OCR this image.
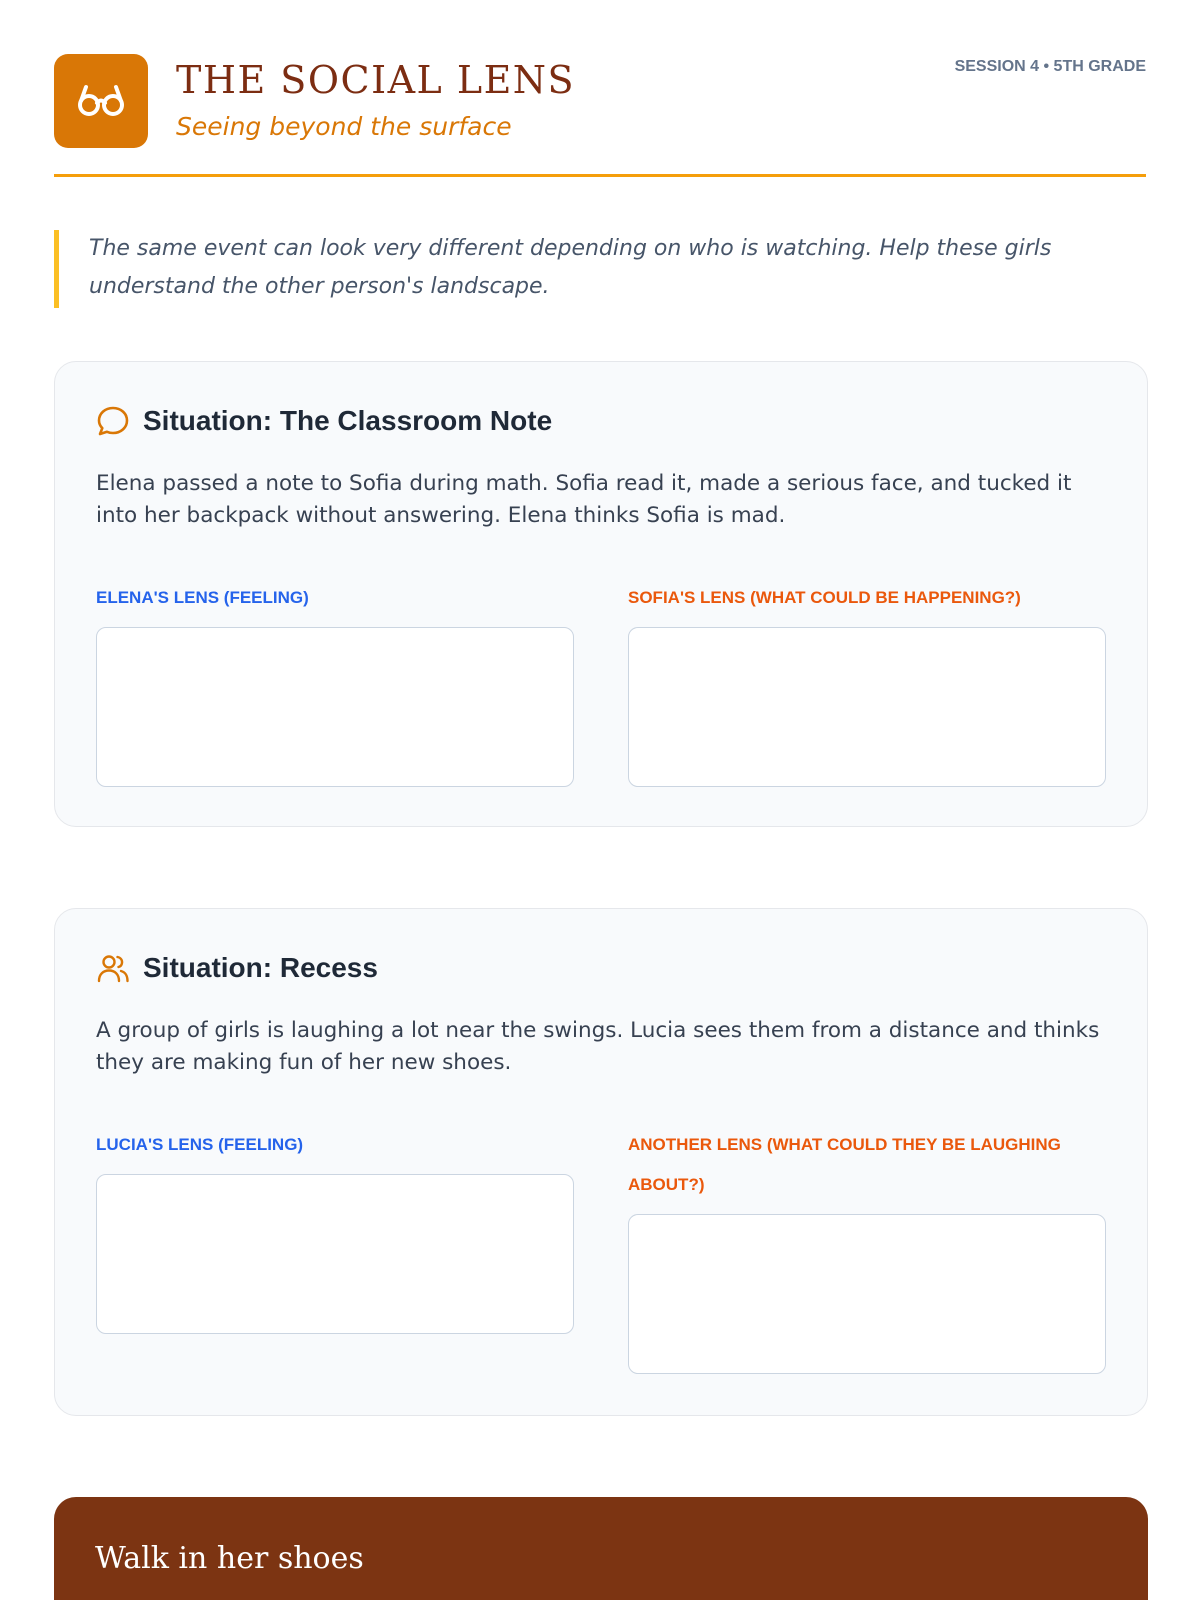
THE SOCIAL LENS
Seeing beyond the surface
SESSION 4 • 5TH GRADE
The same event can look very different depending on who is watching. Help these girls understand the other person's landscape.
Situation: The Classroom Note
Elena passed a note to Sofia during math. Sofia read it, made a serious face, and tucked it into her backpack without answering. Elena thinks Sofia is mad.
ELENA'S LENS (FEELING)	SOFIA'S LENS (WHAT COULD BE HAPPENING?)
Situation: Recess
A group of girls is laughing a lot near the swings. Lucia sees them from a distance and thinks they are making fun of her new shoes.
LUCIA'S LENS (FEELING)	ANOTHER LENS (WHAT COULD THEY BE LAUGHING ABOUT?)
Walk in her shoes
